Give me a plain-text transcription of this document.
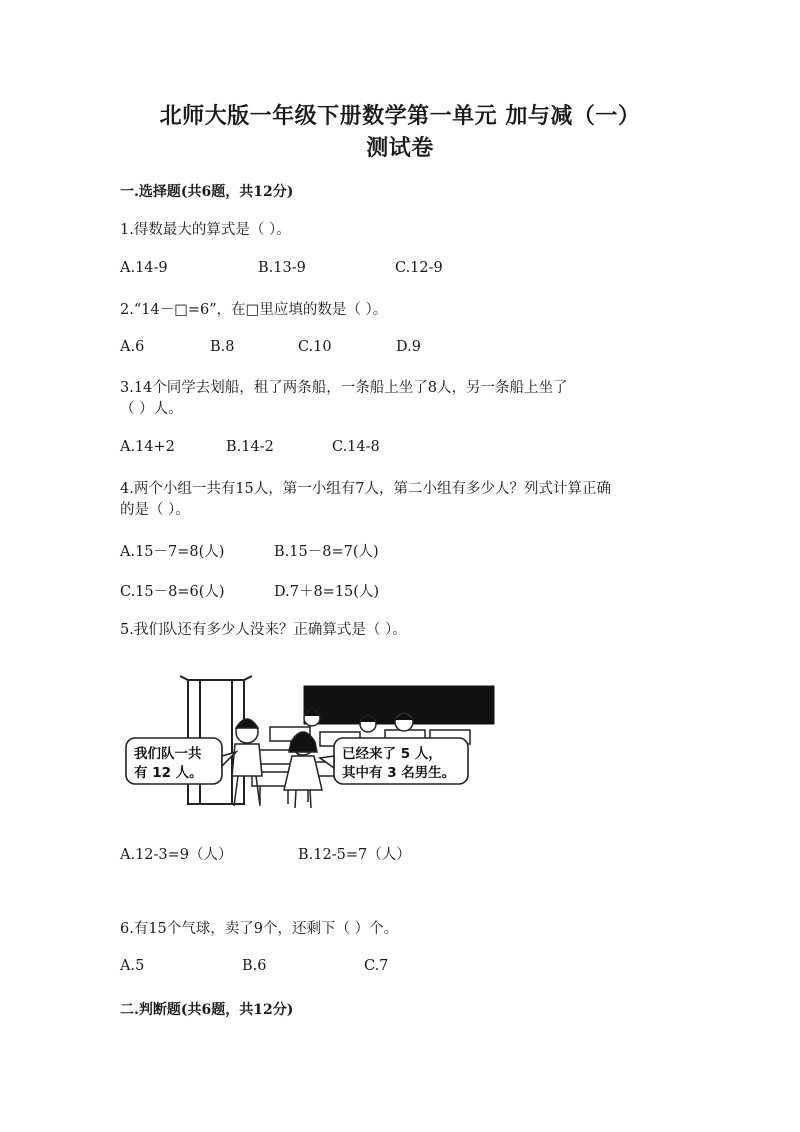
北师大版一年级下册数学第一单元 加与减（一）
测试卷
一.选择题(共6题，共12分)
1.得数最大的算式是（ ）。
A.14-9	B.13-9	C.12-9
2.“14－□=6”，在□里应填的数是（ ）。
A.6	B.8	C.10	D.9
3.14个同学去划船，租了两条船，一条船上坐了8人，另一条船上坐了
（ ）人。
A.14+2	B.14-2	C.14-8
4.两个小组一共有15人，第一小组有7人，第二小组有多少人？列式计算正确
的是（ ）。
A.15－7=8(人)	B.15－8=7(人)
C.15－8=6(人)	D.7＋8=15(人)
5.我们队还有多少人没来？正确算式是（ ）。
我们队一共
有 12 人。
已经来了 5 人，
其中有 3 名男生。
A.12-3=9（人）	B.12-5=7（人）
6.有15个气球，卖了9个，还剩下（ ）个。
A.5	B.6	C.7
二.判断题(共6题，共12分)
